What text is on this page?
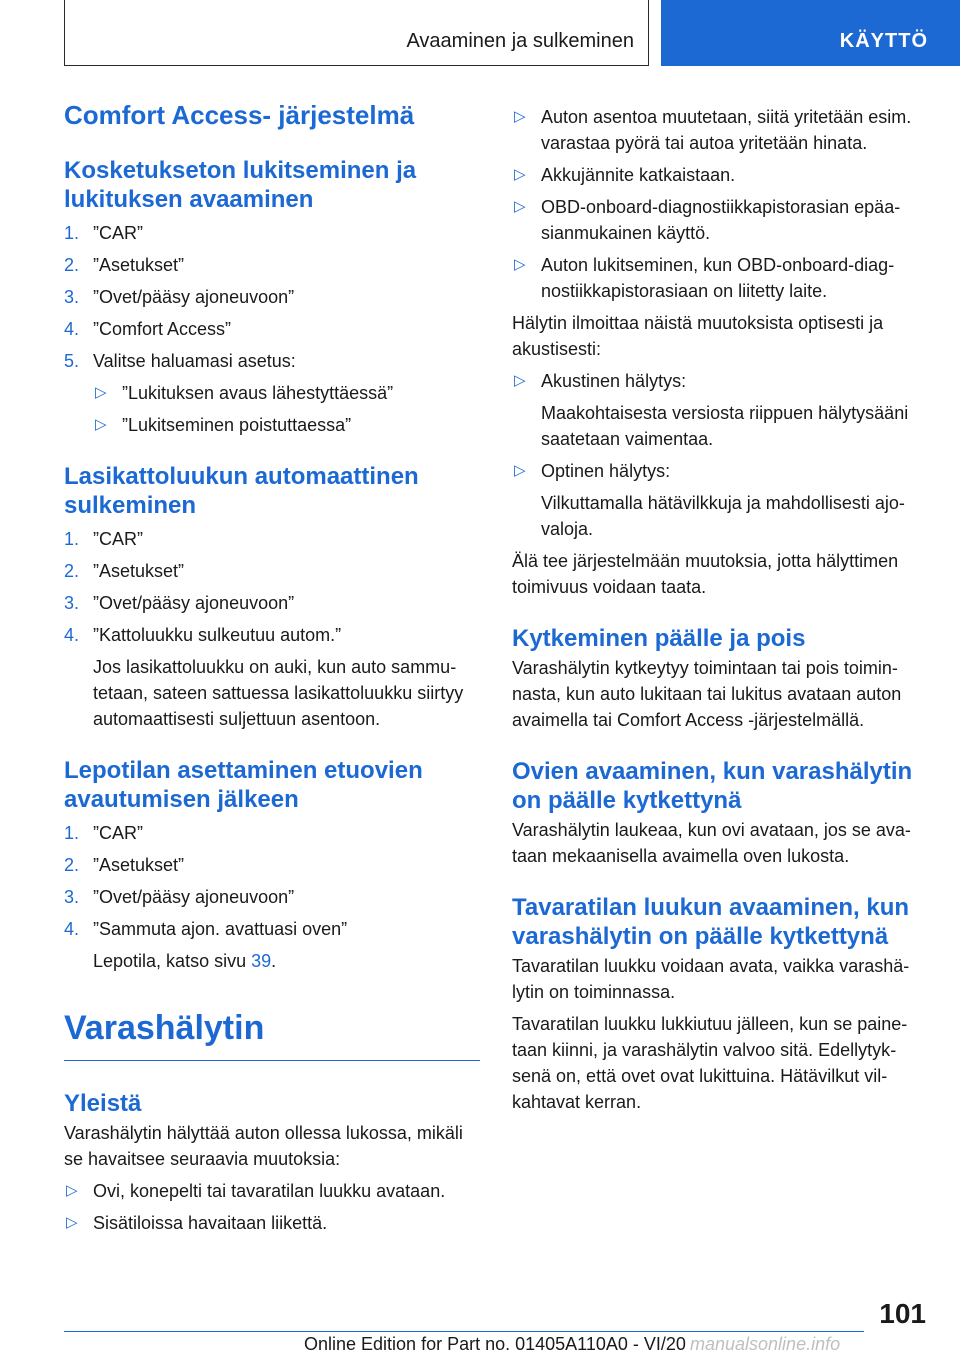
Avaaminen ja sulkeminen	KÄYTTÖ
Comfort Access- järjestelmä
Kosketukseton lukitseminen ja lukituksen avaaminen
1. ”CAR”
2. ”Asetukset”
3. ”Ovet/pääsy ajoneuvoon”
4. ”Comfort Access”
5. Valitse haluamasi asetus:
▷ ”Lukituksen avaus lähestyttäessä”
▷ ”Lukitseminen poistuttaessa”
Lasikattoluukun automaattinen sulkeminen
1. ”CAR”
2. ”Asetukset”
3. ”Ovet/pääsy ajoneuvoon”
4. ”Kattoluukku sulkeutuu autom.”

Jos lasikattoluukku on auki, kun auto sammutetaan, sateen sattuessa lasikattoluukku siirtyy automaattisesti suljettuun asentoon.

Lepotilan asettaminen etuovien avautumisen jälkeen
1. ”CAR”
2. ”Asetukset”
3. ”Ovet/pääsy ajoneuvoon”
4. ”Sammuta ajon. avattuasi oven”

Lepotila, katso sivu 39.

Varashälytin
Yleistä

Varashälytin hälyttää auton ollessa lukossa, mikäli se havaitsee seuraavia muutoksia:

▷ Ovi, konepelti tai tavaratilan luukku avataan.
▷ Sisätiloissa havaitaan liikettä.
▷ Auton asentoa muutetaan, siitä yritetään esim. varastaa pyörä tai autoa yritetään hinata.
▷ Akkujännite katkaistaan.
▷ OBD-onboard-diagnostiikkapistorasian epäasianmukainen käyttö.
▷ Auton lukitseminen, kun OBD-onboard-diagnostiikkapistorasiaan on liitetty laite.

Hälytin ilmoittaa näistä muutoksista optisesti ja akustisesti:

▷ Akustinen hälytys:

Maakohtaisesta versiosta riippuen hälytysääni saatetaan vaimentaa.

▷ Optinen hälytys:

Vilkuttamalla hätävilkkuja ja mahdollisesti ajovaloja.

Älä tee järjestelmään muutoksia, jotta hälyttimen toimivuus voidaan taata.

Kytkeminen päälle ja pois

Varashälytin kytkeytyy toimintaan tai pois toiminnasta, kun auto lukitaan tai lukitus avataan auton avaimella tai Comfort Access -järjestelmällä.

Ovien avaaminen, kun varashälytin on päälle kytkettynä

Varashälytin laukeaa, kun ovi avataan, jos se avataan mekaanisella avaimella oven lukosta.

Tavaratilan luukun avaaminen, kun varashälytin on päälle kytkettynä

Tavaratilan luukku voidaan avata, vaikka varashälytin on toiminnassa.

Tavaratilan luukku lukkiutuu jälleen, kun se painetaan kiinni, ja varashälytin valvoo sitä. Edellytyksenä on, että ovet ovat lukittuina. Hätävilkut vilkahtavat kerran.

101
Online Edition for Part no. 01405A110A0 - VI/20 manualsonline.info
